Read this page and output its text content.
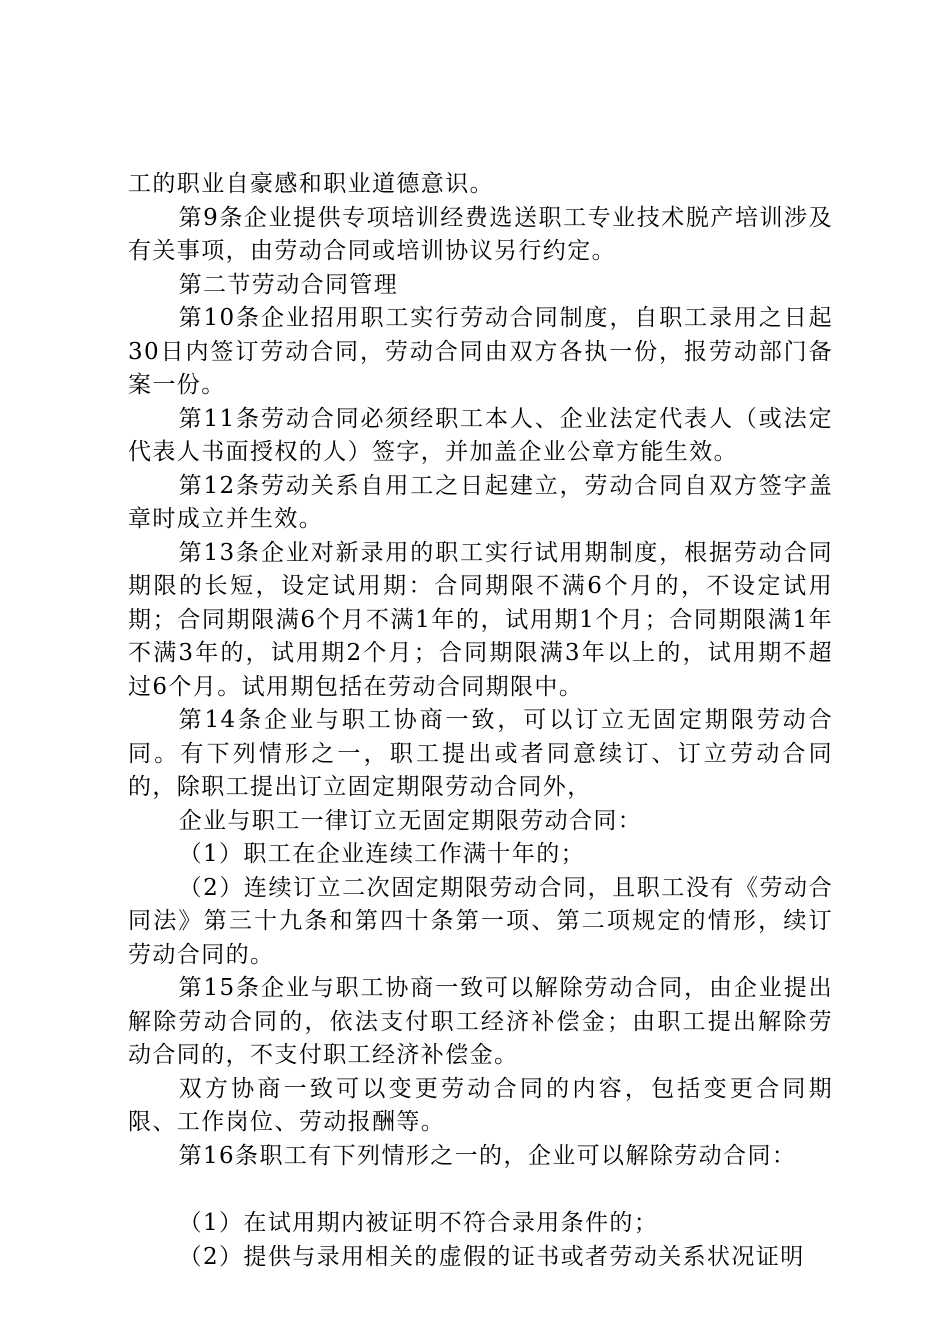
工的职业自豪感和职业道德意识。

第9条企业提供专项培训经费选送职工专业技术脱产培训涉及有关事项，由劳动合同或培训协议另行约定。

第二节劳动合同管理

第10条企业招用职工实行劳动合同制度，自职工录用之日起30日内签订劳动合同，劳动合同由双方各执一份，报劳动部门备案一份。

第11条劳动合同必须经职工本人、企业法定代表人（或法定代表人书面授权的人）签字，并加盖企业公章方能生效。

第12条劳动关系自用工之日起建立，劳动合同自双方签字盖章时成立并生效。

第13条企业对新录用的职工实行试用期制度，根据劳动合同期限的长短，设定试用期：合同期限不满6个月的，不设定试用期；合同期限满6个月不满1年的，试用期1个月；合同期限满1年不满3年的，试用期2个月；合同期限满3年以上的，试用期不超过6个月。试用期包括在劳动合同期限中。

第14条企业与职工协商一致，可以订立无固定期限劳动合同。有下列情形之一，职工提出或者同意续订、订立劳动合同的，除职工提出订立固定期限劳动合同外，

企业与职工一律订立无固定期限劳动合同：

（1）职工在企业连续工作满十年的；

（2）连续订立二次固定期限劳动合同，且职工没有《劳动合同法》第三十九条和第四十条第一项、第二项规定的情形，续订劳动合同的。

第15条企业与职工协商一致可以解除劳动合同，由企业提出解除劳动合同的，依法支付职工经济补偿金；由职工提出解除劳动合同的，不支付职工经济补偿金。

双方协商一致可以变更劳动合同的内容，包括变更合同期限、工作岗位、劳动报酬等。

第16条职工有下列情形之一的，企业可以解除劳动合同：

（1）在试用期内被证明不符合录用条件的；

（2）提供与录用相关的虚假的证书或者劳动关系状况证明
